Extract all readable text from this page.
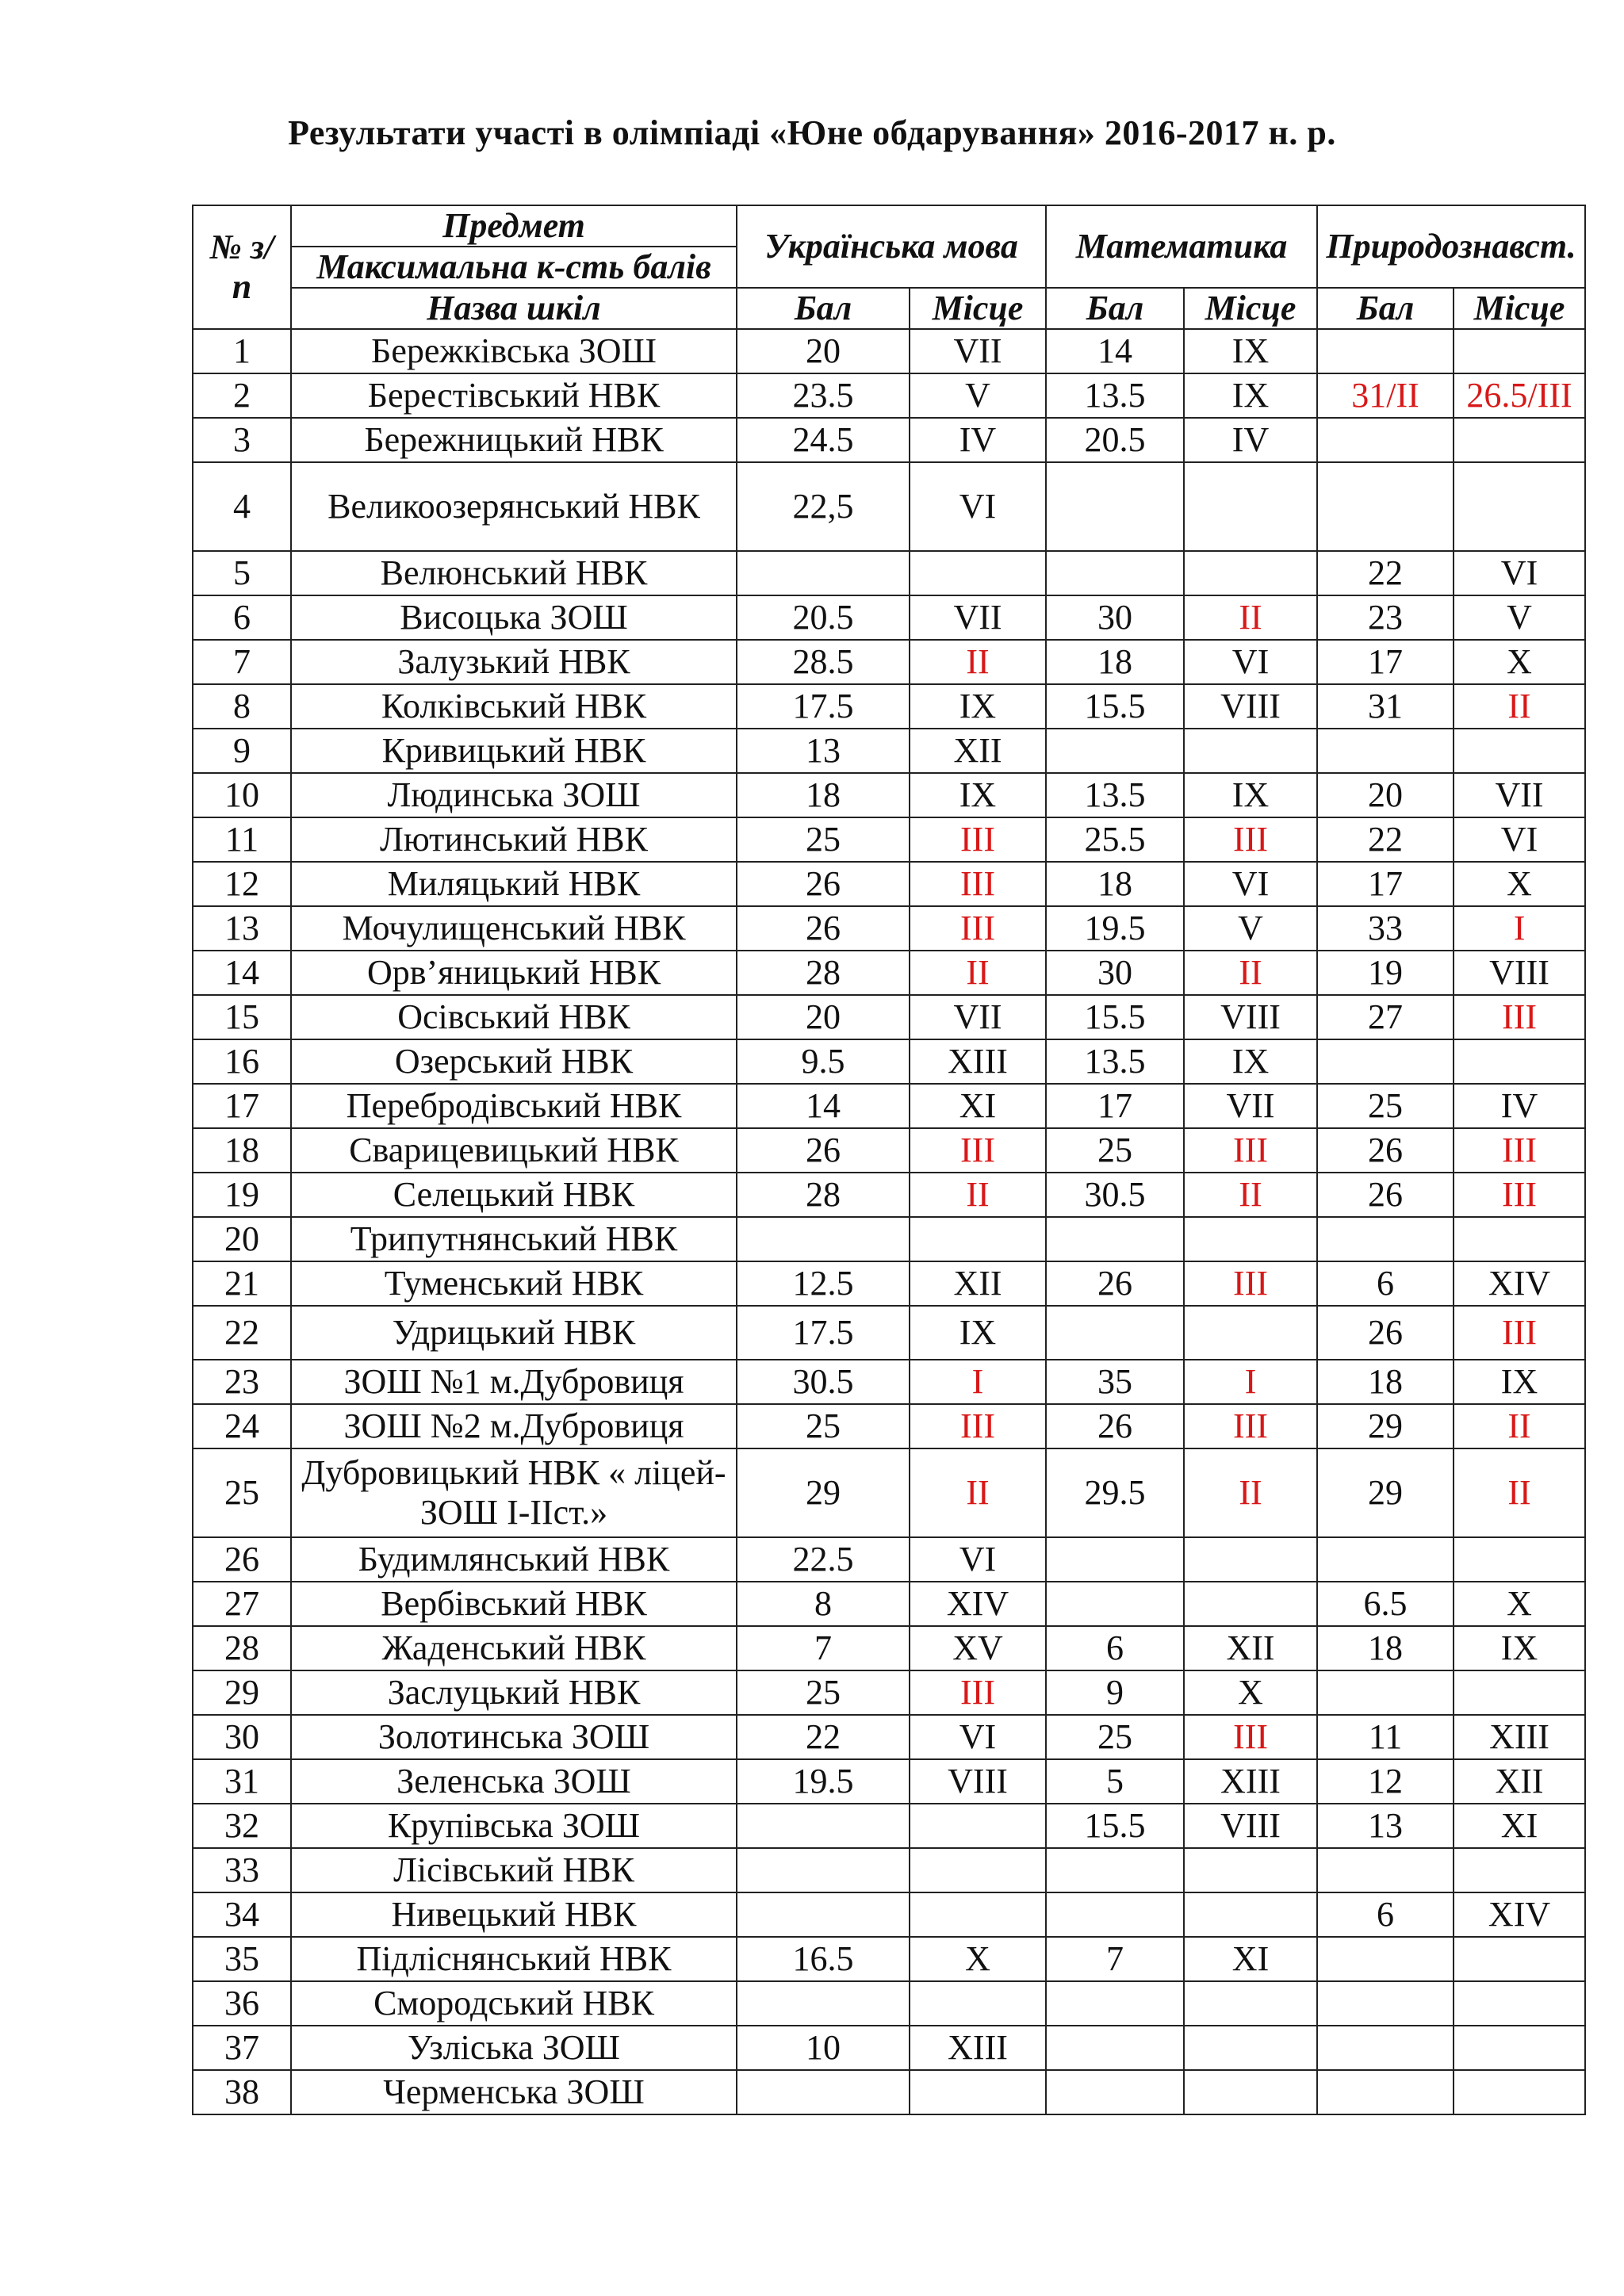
Результати участі в олімпіаді «Юне обдарування» 2016-2017 н. р.
№ з/п	Предмет	Українська мова		Математика		Природознавст.	
	Максимальна к-сть балів						
	Назва шкіл	Бал	Місце	Бал	Місце	Бал	Місце
1	Бережківська ЗОШ	20	VII	14	IX		
2	Берестівський НВК	23.5	V	13.5	IX	31/II	26.5/III
3	Бережницький НВК	24.5	IV	20.5	IV		
4	Великоозерянський НВК	22,5	VI				
5	Велюнський НВК					22	VI
6	Висоцька ЗОШ	20.5	VII	30	II	23	V
7	Залузький НВК	28.5	II	18	VI	17	X
8	Колківський НВК	17.5	IX	15.5	VIII	31	II
9	Кривицький НВК	13	XII				
10	Людинська ЗОШ	18	IX	13.5	IX	20	VII
11	Лютинський НВК	25	III	25.5	III	22	VI
12	Миляцький НВК	26	III	18	VI	17	X
13	Мочулищенський НВК	26	III	19.5	V	33	I
14	Орв’яницький НВК	28	II	30	II	19	VIII
15	Осівський НВК	20	VII	15.5	VIII	27	III
16	Озерський НВК	9.5	XIII	13.5	IX		
17	Перебродівський НВК	14	XI	17	VII	25	IV
18	Сварицевицький НВК	26	III	25	III	26	III
19	Селецький НВК	28	II	30.5	II	26	III
20	Трипутнянський НВК						
21	Туменський НВК	12.5	XII	26	III	6	XIV
22	Удрицький НВК	17.5	IX			26	III
23	ЗОШ №1 м.Дубровиця	30.5	I	35	I	18	IX
24	ЗОШ №2 м.Дубровиця	25	III	26	III	29	II
25	Дубровицький НВК « ліцей- ЗОШ І-ІІст.»	29	II	29.5	II	29	II
26	Будимлянський НВК	22.5	VI				
27	Вербівський НВК	8	XIV			6.5	X
28	Жаденський НВК	7	XV	6	XII	18	IX
29	Заслуцький НВК	25	III	9	X		
30	Золотинська ЗОШ	22	VI	25	III	11	XIII
31	Зеленська ЗОШ	19.5	VIII	5	XIII	12	XII
32	Крупівська ЗОШ			15.5	VIII	13	XI
33	Лісівський НВК						
34	Нивецький НВК					6	XIV
35	Підліснянський НВК	16.5	X	7	XI		
36	Смородський НВК						
37	Узліська ЗОШ	10	XIII				
38	Черменська ЗОШ						
